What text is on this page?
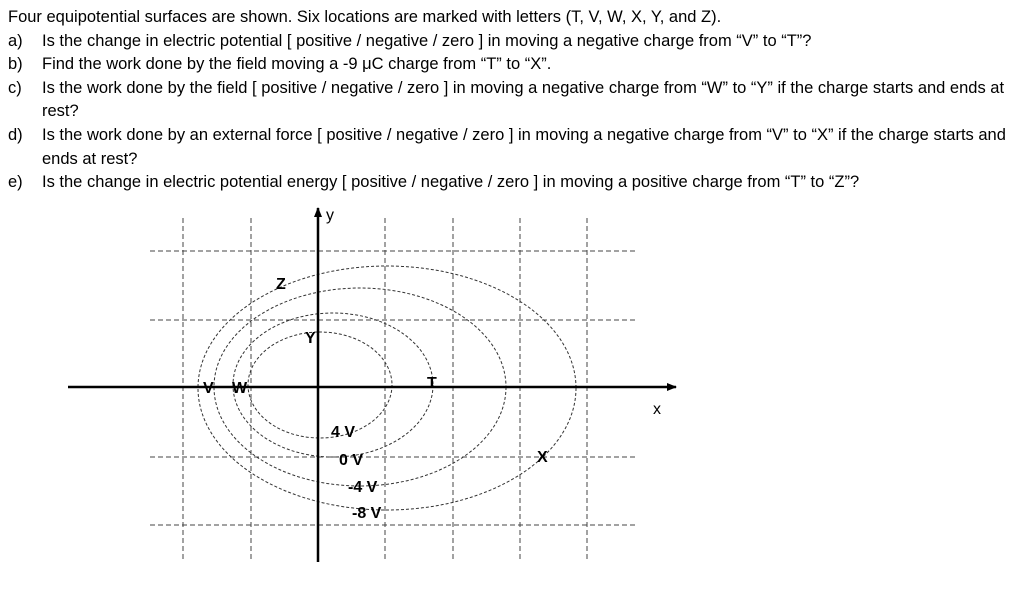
Four equipotential surfaces are shown. Six locations are marked with letters (T, V, W, X, Y, and Z).
a) Is the change in electric potential [ positive / negative / zero ] in moving a negative charge from “V” to “T”?
b) Find the work done by the field moving a -9 μC charge from “T” to “X”.
c) Is the work done by the field [ positive / negative / zero ] in moving a negative charge from “W” to “Y” if the charge starts and ends at rest?
d) Is the work done by an external force [ positive / negative / zero ] in moving a negative charge from “V” to “X” if the charge starts and ends at rest?
e) Is the change in electric potential energy [ positive / negative / zero ] in moving a positive charge from “T” to “Z”?
x
y
4 V
0 V
-4 V
-8 V
T
V W
X
Y
Z
